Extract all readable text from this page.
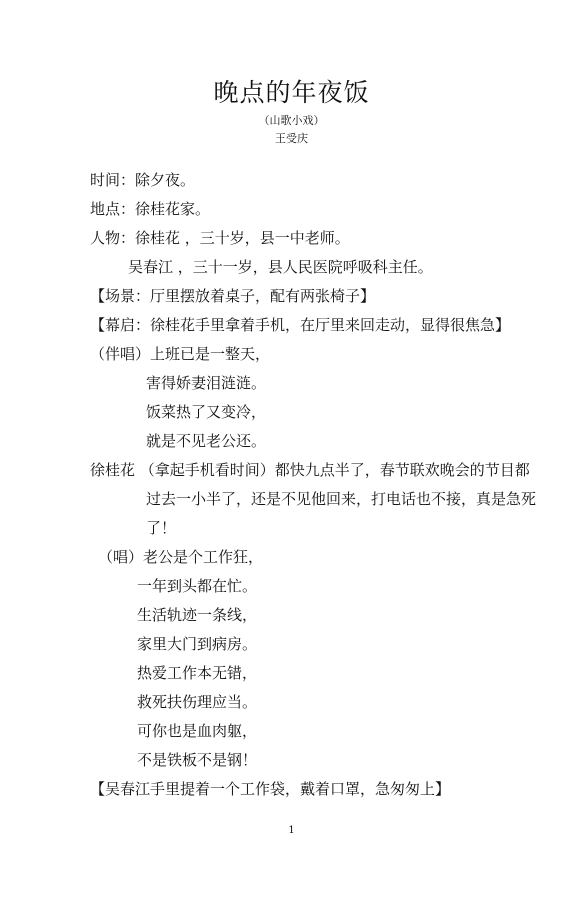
晚点的年夜饭
（山歌小戏）
王受庆
时间：除夕夜。
地点：徐桂花家。
人物：徐桂花 ，三十岁，县一中老师。
吴春江 ，三十一岁，县人民医院呼吸科主任。
【场景：厅里摆放着桌子，配有两张椅子】
【幕启：徐桂花手里拿着手机，在厅里来回走动，显得很焦急】
（伴唱）上班已是一整天，
害得娇妻泪涟涟。
饭菜热了又变冷，
就是不见老公还。
徐桂花 （拿起手机看时间）都快九点半了，春节联欢晚会的节目都
过去一小半了，还是不见他回来，打电话也不接，真是急死
了！
（唱）老公是个工作狂，
一年到头都在忙。
生活轨迹一条线，
家里大门到病房。
热爱工作本无错，
救死扶伤理应当。
可你也是血肉躯，
不是铁板不是钢！
【吴春江手里提着一个工作袋，戴着口罩，急匆匆上】
1
